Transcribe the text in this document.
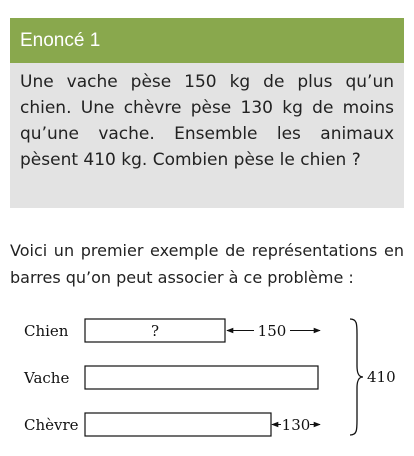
Enoncé 1
Une vache pèse 150 kg de plus qu’un chien. Une chèvre pèse 130 kg de moins qu’une vache. Ensemble les animaux pèsent 410 kg. Combien pèse le chien ?
Voici un premier exemple de représentations en barres qu’on peut associer à ce problème :
Chien
Vache
Chèvre
?	150
130
410
